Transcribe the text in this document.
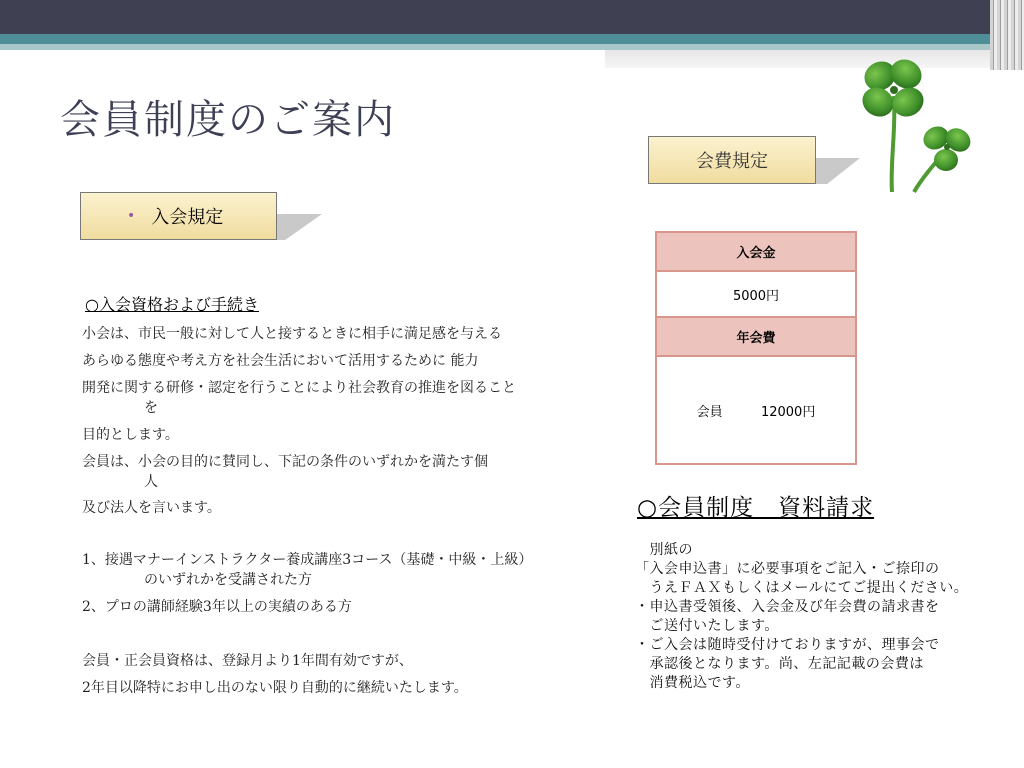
会員制度のご案内
• 入会規定
会費規定
○入会資格および手続き
小会は、市民一般に対して人と接するときに相手に満足感を与える
あらゆる態度や考え方を社会生活において活用するために 能力
開発に関する研修・認定を行うことにより社会教育の推進を図ること
を
目的とします。
会員は、小会の目的に賛同し、下記の条件のいずれかを満たす個
人
及び法人を言います。
1、接遇マナーインストラクター養成講座3コース（基礎・中級・上級）
のいずれかを受講された方
2、プロの講師経験3年以上の実績のある方
会員・正会員資格は、登録月より1年間有効ですが、
2年目以降特にお申し出のない限り自動的に継続いたします。
入会金
5000円
年会費
会員	12000円
○会員制度　資料請求
　別紙の
「入会申込書」に必要事項をご記入・ご捺印の
　うえＦＡＸもしくはメールにてご提出ください。
・申込書受領後、入会金及び年会費の請求書を
　ご送付いたします。
・ご入会は随時受付けておりますが、理事会で
　承認後となります。尚、左記記載の会費は
　消費税込です。
